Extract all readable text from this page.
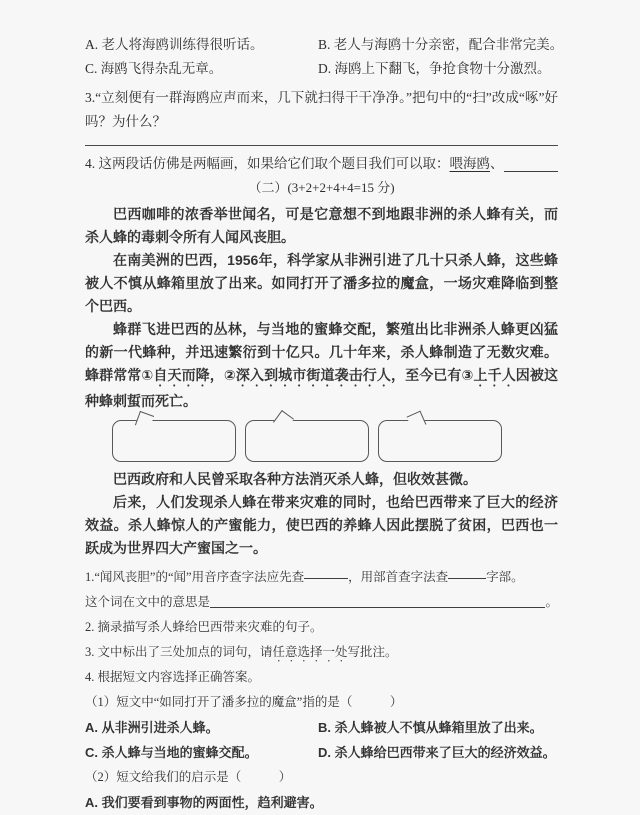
A. 老人将海鸥训练得很听话。	B. 老人与海鸥十分亲密，配合非常完美。
C. 海鸥飞得杂乱无章。	D. 海鸥上下翻飞，争抢食物十分激烈。
3.“立刻便有一群海鸥应声而来，几下就扫得干干净净。”把句中的“扫”改成“啄”好吗？为什么？
4. 这两段话仿佛是两幅画，如果给它们取个题目我们可以取： 喂海鸥 、
（二）(3+2+2+4+4=15 分)

巴西咖啡的浓香举世闻名，可是它意想不到地跟非洲的杀人蜂有关，而杀人蜂的毒刺令所有人闻风丧胆。

在南美洲的巴西，1956年，科学家从非洲引进了几十只杀人蜂，这些蜂被人不慎从蜂箱里放了出来。如同打开了潘多拉的魔盒，一场灾难降临到整个巴西。

蜂群飞进巴西的丛林，与当地的蜜蜂交配，繁殖出比非洲杀人蜂更凶猛的新一代蜂种，并迅速繁衍到十亿只。几十年来，杀人蜂制造了无数灾难。蜂群常常①自天而降，②深入到城市街道袭击行人，至今已有③上千人因被这种蜂刺蜇而死亡。

巴西政府和人民曾采取各种方法消灭杀人蜂，但收效甚微。

后来，人们发现杀人蜂在带来灾难的同时，也给巴西带来了巨大的经济效益。杀人蜂惊人的产蜜能力，使巴西的养蜂人因此摆脱了贫困，巴西也一跃成为世界四大产蜜国之一。

1.“闻风丧胆”的“闻”用音序查字法应先查	，用部首查字法查	字部。
这个词在文中的意思是	。
2. 摘录描写杀人蜂给巴西带来灾难的句子。
3. 文中标出了三处加点的词句，请任意选择一处写批注。
4. 根据短文内容选择正确答案。
（1）短文中“如同打开了潘多拉的魔盒”指的是（　　　）
A. 从非洲引进杀人蜂。	B. 杀人蜂被人不慎从蜂箱里放了出来。
C. 杀人蜂与当地的蜜蜂交配。	D. 杀人蜂给巴西带来了巨大的经济效益。
（2）短文给我们的启示是（　　　）
A. 我们要看到事物的两面性，趋利避害。
